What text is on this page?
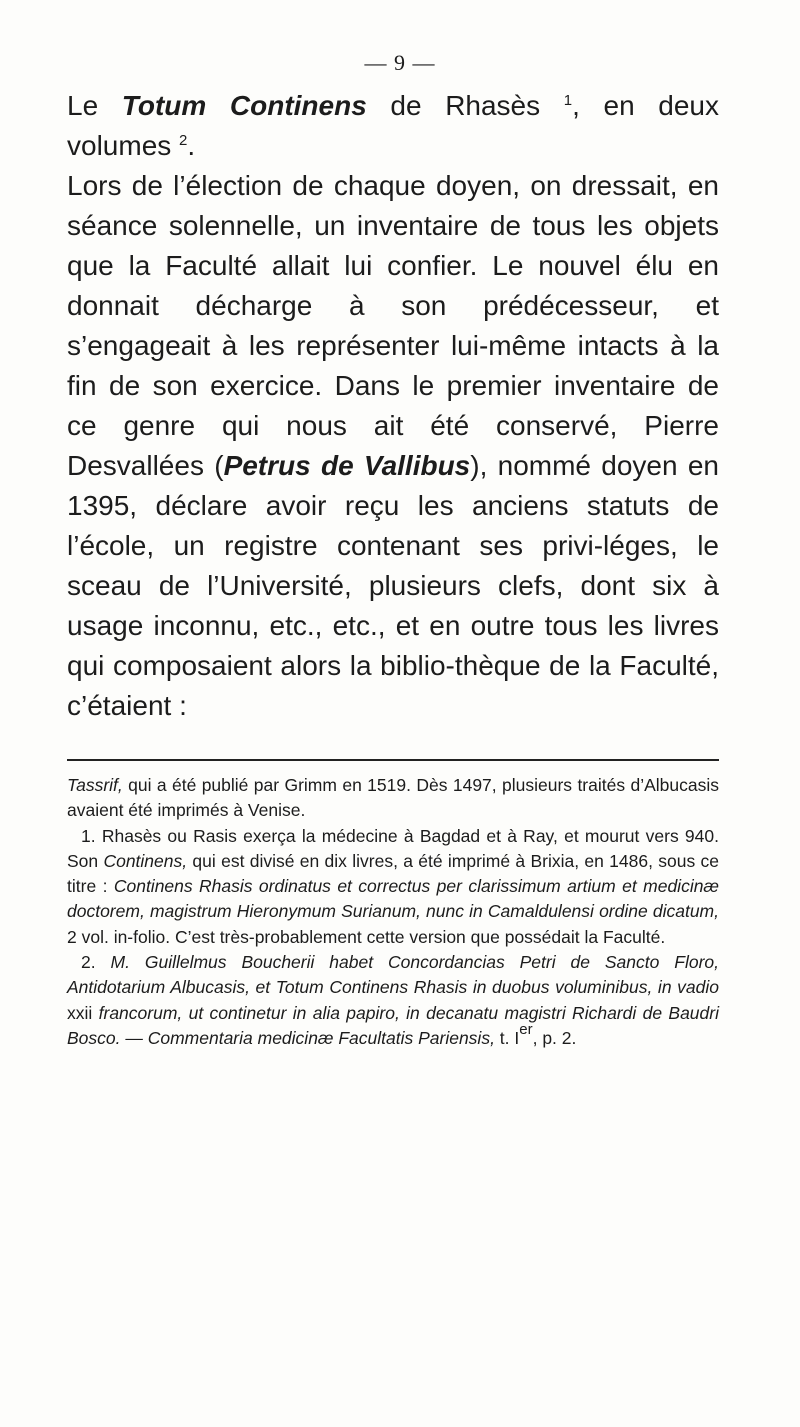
— 9 —

Le Totum Continens de Rhasès $^1$, en deux volumes $^2$.

Lors de l’élection de chaque doyen, on dressait, en séance solennelle, un inventaire de tous les objets que la Faculté allait lui confier. Le nouvel élu en donnait décharge à son prédécesseur, et s’engageait à les représenter lui-même intacts à la fin de son exercice. Dans le premier inventaire de ce genre qui nous ait été conservé, Pierre Desvallées (Petrus de Vallibus), nommé doyen en 1395, déclare avoir reçu les anciens statuts de l’école, un registre contenant ses privi-léges, le sceau de l’Université, plusieurs clefs, dont six à usage inconnu, etc., etc., et en outre tous les livres qui composaient alors la biblio-thèque de la Faculté, c’étaient :

Tassrif, qui a été publié par Grimm en 1519. Dès 1497, plusieurs traités d’Albucasis avaient été imprimés à Venise.

1. Rhasès ou Rasis exerça la médecine à Bagdad et à Ray, et mourut vers 940. Son Continens, qui est divisé en dix livres, a été imprimé à Brixia, en 1486, sous ce titre : Continens Rhasis ordinatus et correctus per clarissimum artium et medicinæ doctorem, magistrum Hieronymum Surianum, nunc in Camaldulensi ordine dicatum, 2 vol. in-folio. C’est très-probablement cette version que possédait la Faculté.

2. M. Guillelmus Boucherii habet Concordancias Petri de Sancto Floro, Antidotarium Albucasis, et Totum Continens Rhasis in duobus voluminibus, in vadio xxii francorum, ut continetur in alia papiro, in decanatu magistri Richardi de Baudri Bosco. — Commentaria medicinæ Facultatis Pariensis, t. Ier, p. 2.
